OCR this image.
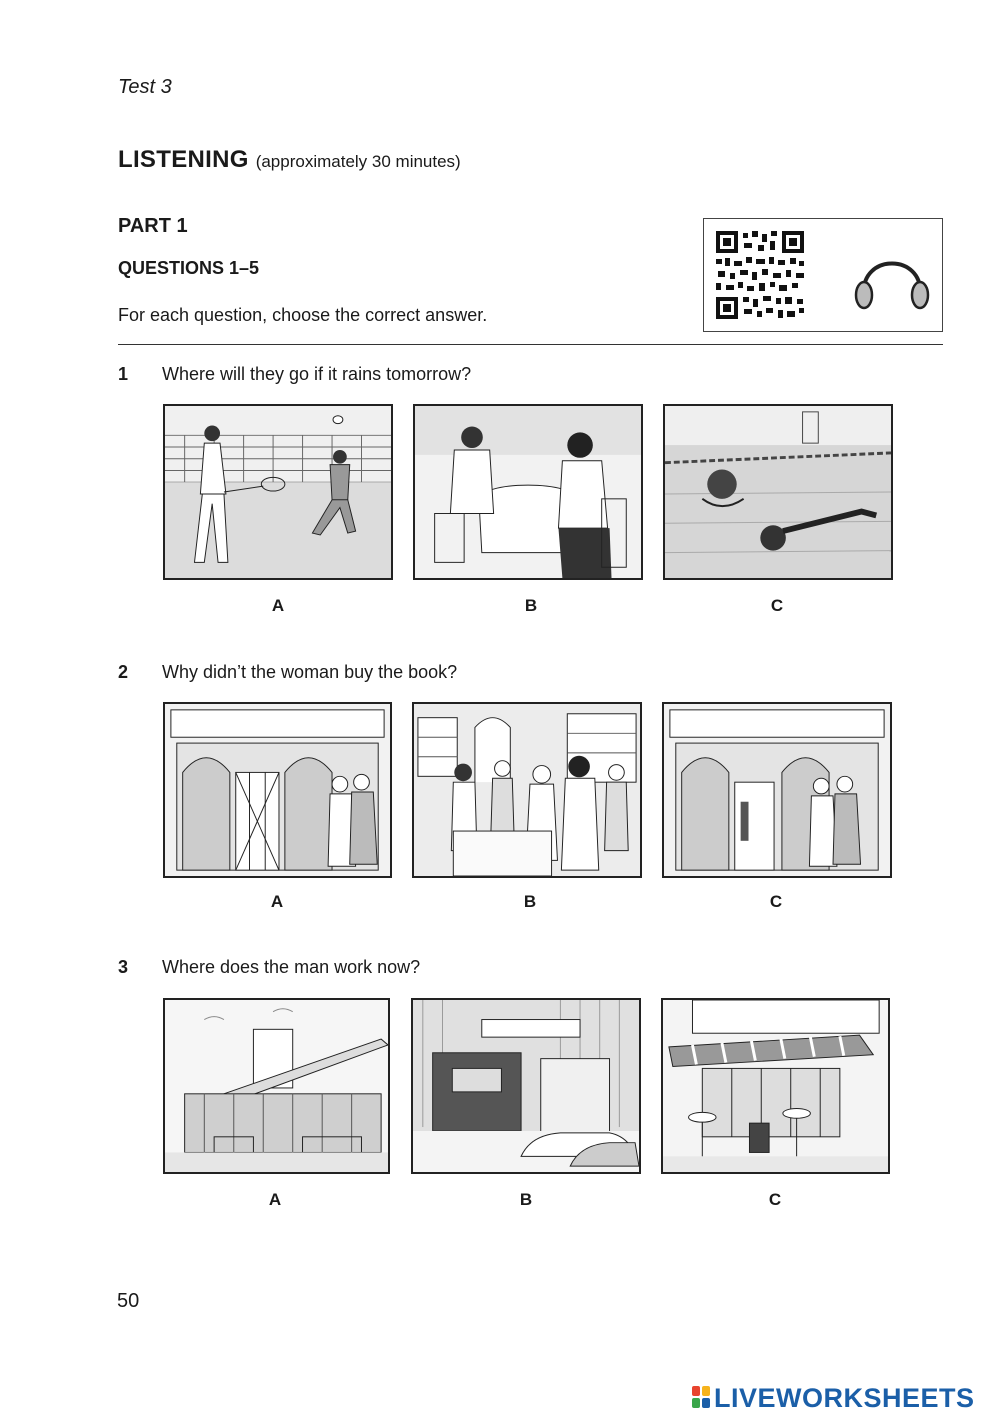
Test 3
LISTENING (approximately 30 minutes)
PART 1
QUESTIONS 1–5
For each question, choose the correct answer.
1 Where will they go if it rains tomorrow?
A	B	C
2 Why didn’t the woman buy the book?
A	B	C
3 Where does the man work now?
A	B	C
50
LIVEWORKSHEETS
